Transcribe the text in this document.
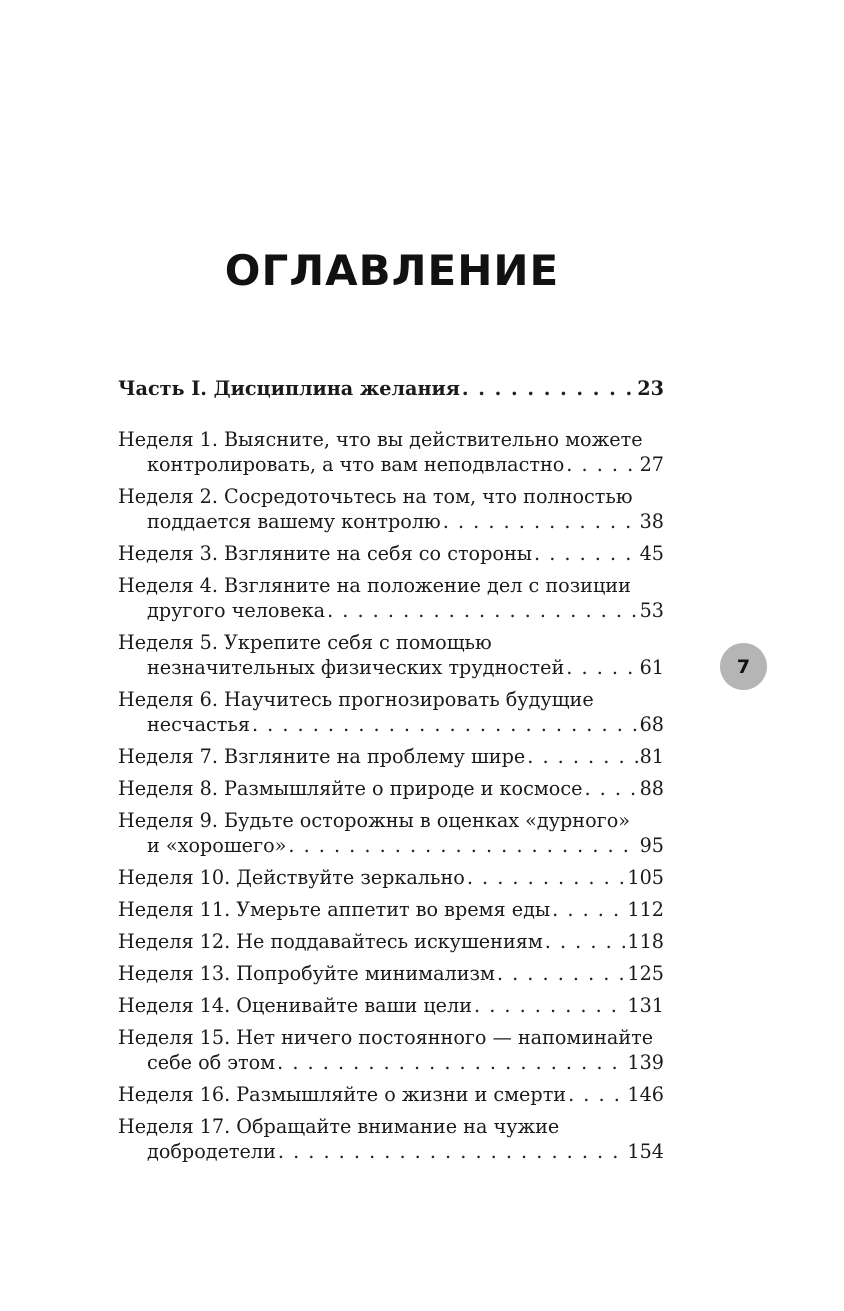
ОГЛАВЛЕНИЕ
Часть I. Дисциплина желания . . .	23
Неделя 1. Выясните, что вы действительно можете
контролировать, а что вам неподвластно . . .	27
Неделя 2. Сосредоточьтесь на том, что полностью
поддается вашему контролю . . .	38
Неделя 3. Взгляните на себя со стороны . . .	45
Неделя 4. Взгляните на положение дел с позиции
другого человека . . .	53
Неделя 5. Укрепите себя с помощью
незначительных физических трудностей . . .	61
Неделя 6. Научитесь прогнозировать будущие
несчастья . . .	68
Неделя 7. Взгляните на проблему шире . . .	81
Неделя 8. Размышляйте о природе и космосе . . .	88
Неделя 9. Будьте осторожны в оценках «дурного»
и «хорошего» . . .	95
Неделя 10. Действуйте зеркально . . .	105
Неделя 11. Умерьте аппетит во время еды . . .	112
Неделя 12. Не поддавайтесь искушениям . . .	118
Неделя 13. Попробуйте минимализм . . .	125
Неделя 14. Оценивайте ваши цели . . .	131
Неделя 15. Нет ничего постоянного — напоминайте
себе об этом . . .	139
Неделя 16. Размышляйте о жизни и смерти . . .	146
Неделя 17. Обращайте внимание на чужие
добродетели . . .	154
7
